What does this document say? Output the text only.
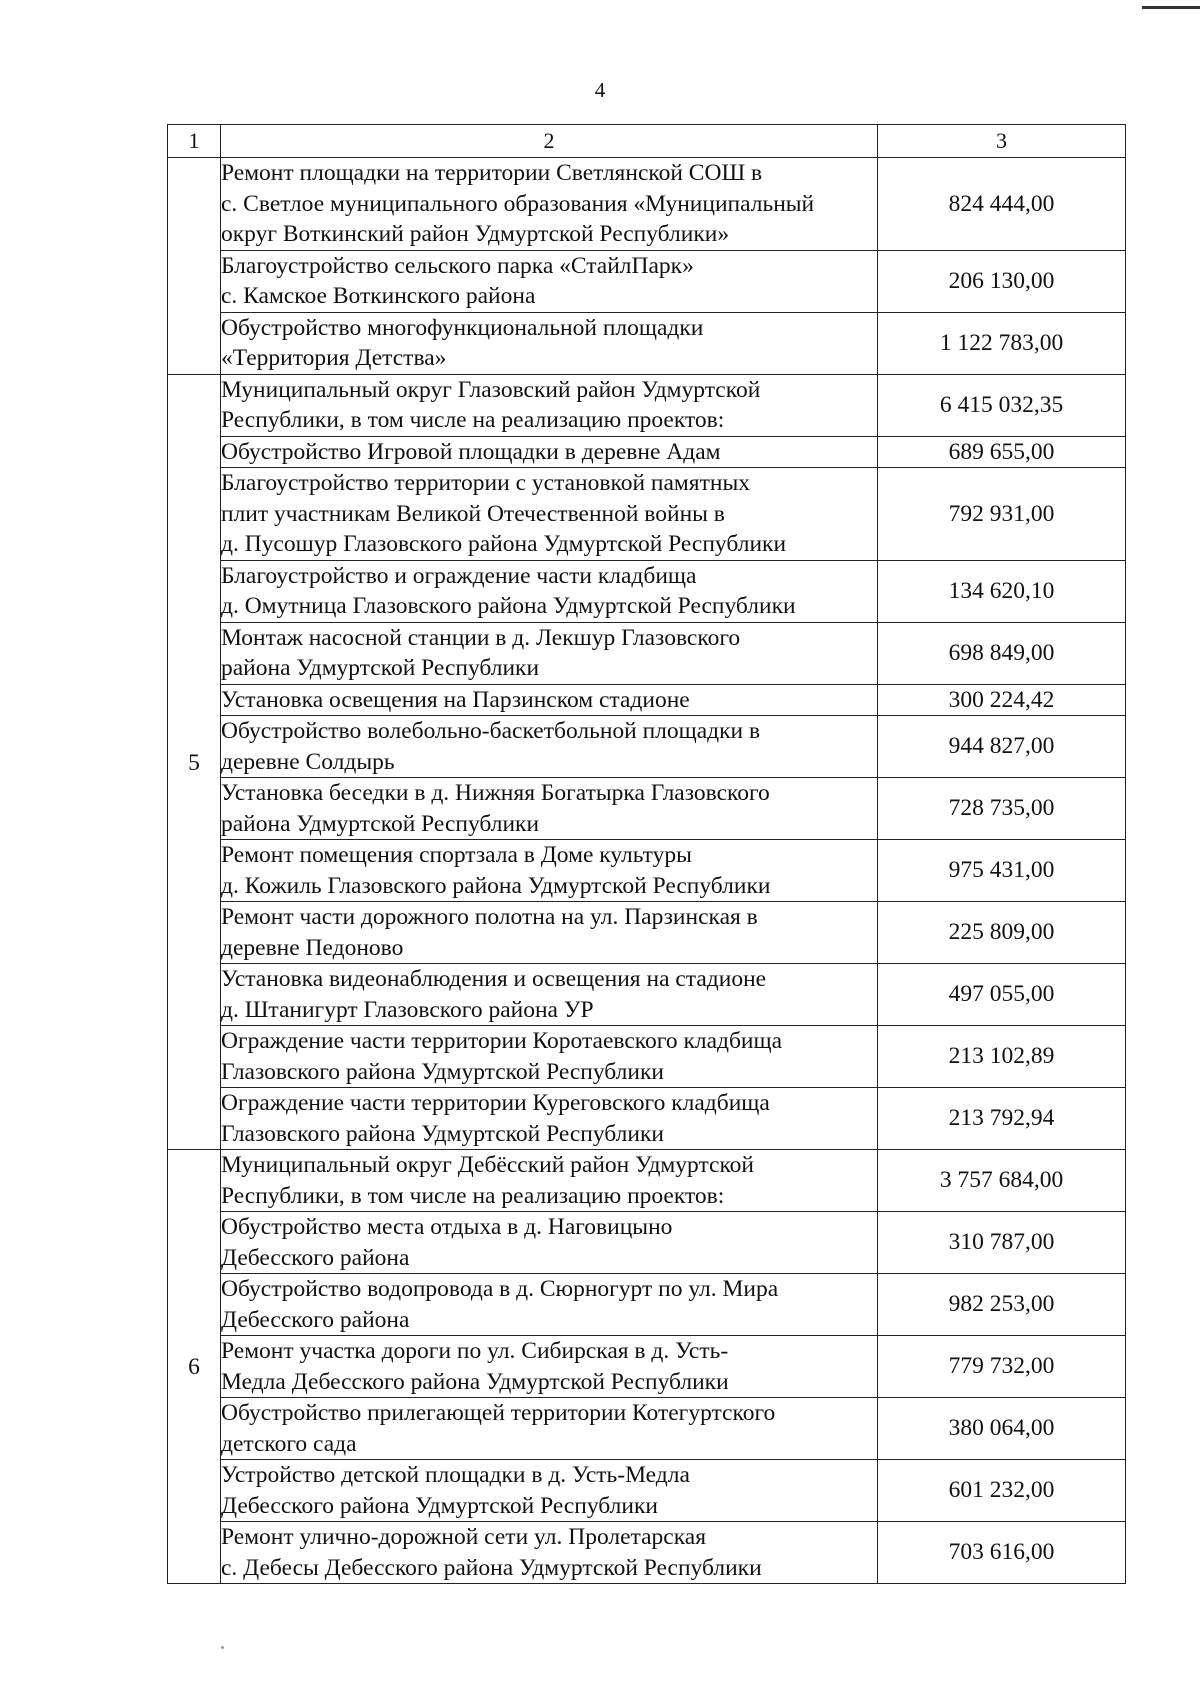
4
1	2	3

	Ремонт площадки на территории Светлянской СОШ в
с. Светлое муниципального образования «Муниципальный
округ Воткинский район Удмуртской Республики»	824 444,00

	Благоустройство сельского парка «СтайлПарк»
с. Камское Воткинского района	206 130,00

	Обустройство многофункциональной площадки
«Территория Детства»	1 122 783,00

5	Муниципальный округ Глазовский район Удмуртской
Республики, в том числе на реализацию проектов:	6 415 032,35

	Обустройство Игровой площадки в деревне Адам	689 655,00

	Благоустройство территории с установкой памятных
плит участникам Великой Отечественной войны в
д. Пусошур Глазовского района Удмуртской Республики	792 931,00

	Благоустройство и ограждение части кладбища
д. Омутница Глазовского района Удмуртской Республики	134 620,10

	Монтаж насосной станции в д. Лекшур Глазовского
района Удмуртской Республики	698 849,00

	Установка освещения на Парзинском стадионе	300 224,42

	Обустройство волебольно-баскетбольной площадки в
деревне Солдырь	944 827,00

	Установка беседки в д. Нижняя Богатырка Глазовского
района Удмуртской Республики	728 735,00

	Ремонт помещения спортзала в Доме культуры
д. Кожиль Глазовского района Удмуртской Республики	975 431,00

	Ремонт части дорожного полотна на ул. Парзинская в
деревне Педоново	225 809,00

	Установка видеонаблюдения и освещения на стадионе
д. Штанигурт Глазовского района УР	497 055,00

	Ограждение части территории Коротаевского кладбища
Глазовского района Удмуртской Республики	213 102,89

	Ограждение части территории Куреговского кладбища
Глазовского района Удмуртской Республики	213 792,94

6	Муниципальный округ Дебёсский район Удмуртской
Республики, в том числе на реализацию проектов:	3 757 684,00

	Обустройство места отдыха в д. Наговицыно
Дебесского района	310 787,00

	Обустройство водопровода в д. Сюрногурт по ул. Мира
Дебесского района	982 253,00

	Ремонт участка дороги по ул. Сибирская в д. Усть-
Медла Дебесского района Удмуртской Республики	779 732,00

	Обустройство прилегающей территории Котегуртского
детского сада	380 064,00

	Устройство детской площадки в д. Усть-Медла
Дебесского района Удмуртской Республики	601 232,00

	Ремонт улично-дорожной сети ул. Пролетарская
с. Дебесы Дебесского района Удмуртской Республики	703 616,00
